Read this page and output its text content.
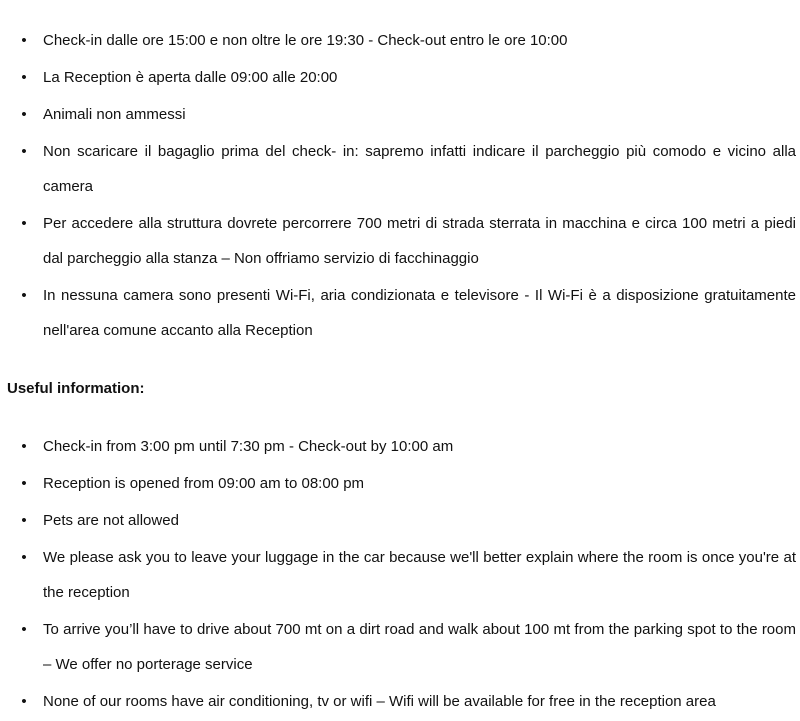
• Check-in dalle ore 15:00 e non oltre le ore 19:30 - Check-out entro le ore 10:00
• La Reception è aperta dalle 09:00 alle 20:00
• Animali non ammessi
• Non scaricare il bagaglio prima del check- in: sapremo infatti indicare il parcheggio più comodo e vicino alla camera
• Per accedere alla struttura dovrete percorrere 700 metri di strada sterrata in macchina e circa 100 metri a piedi dal parcheggio alla stanza – Non offriamo servizio di facchinaggio
• In nessuna camera sono presenti Wi-Fi, aria condizionata e televisore - Il Wi-Fi è a disposizione gratuitamente nell'area comune accanto alla Reception

Useful information:

• Check-in from 3:00 pm until 7:30 pm - Check-out by 10:00 am
• Reception is opened from 09:00 am to 08:00 pm
• Pets are not allowed
• We please ask you to leave your luggage in the car because we'll better explain where the room is once you're at the reception
• To arrive you’ll have to drive about 700 mt on a dirt road and walk about 100 mt from the parking spot to the room – We offer no porterage service
• None of our rooms have air conditioning, tv or wifi – Wifi will be available for free in the reception area
